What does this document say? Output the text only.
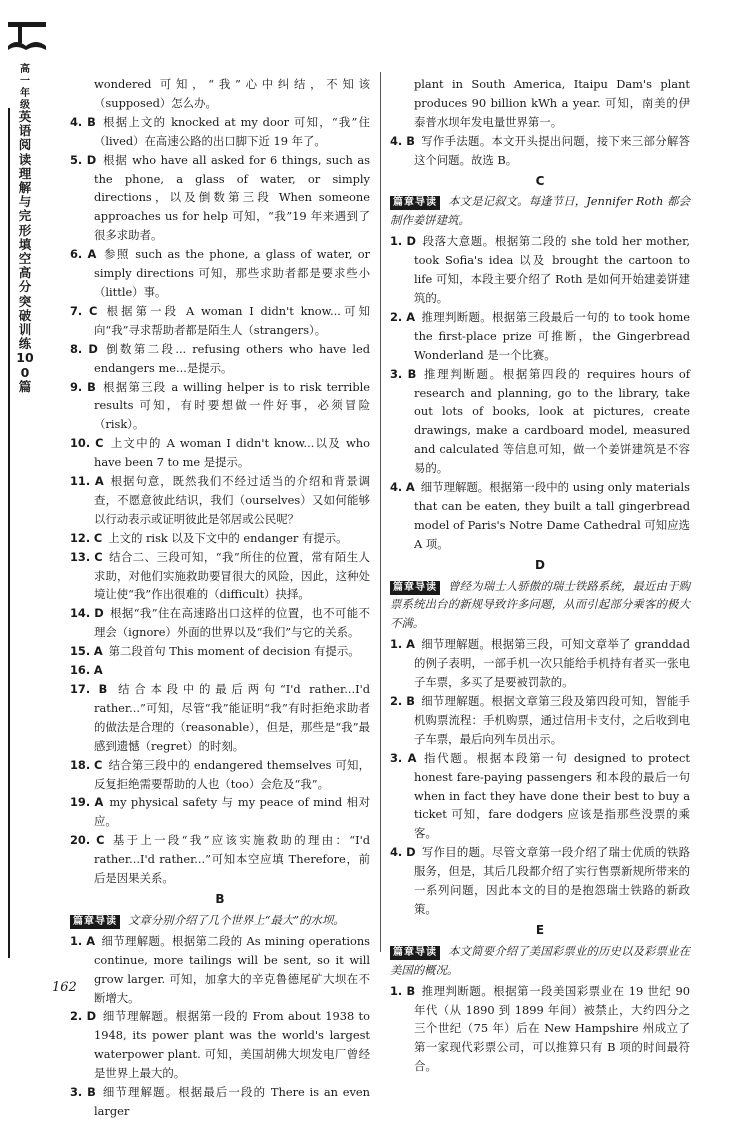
高一年级
英语阅读理解与完形填空高分突破训练100篇
wondered 可知，“我”心中纠结，不知该（supposed）怎么办。
4. B 根据上文的 knocked at my door 可知，“我”住（lived）在高速公路的出口脚下近 19 年了。
5. D 根据 who have all asked for 6 things, such as the phone, a glass of water, or simply directions，以及倒数第三段 When someone approaches us for help 可知，“我”19 年来遇到了很多求助者。
6. A 参照 such as the phone, a glass of water, or simply directions 可知，那些求助者都是要求些小（little）事。
7. C 根据第一段 A woman I didn't know...可知向“我”寻求帮助者都是陌生人（strangers）。
8. D 倒数第二段... refusing others who have led endangers me...是提示。
9. B 根据第三段 a willing helper is to risk terrible results 可知，有时要想做一件好事，必须冒险（risk）。
10. C 上文中的 A woman I didn't know...以及 who have been 7 to me 是提示。
11. A 根据句意，既然我们不经过适当的介绍和背景调查，不愿意彼此结识，我们（ourselves）又如何能够以行动表示或证明彼此是邻居或公民呢？
12. C 上文的 risk 以及下文中的 endanger 有提示。
13. C 结合二、三段可知，“我”所住的位置，常有陌生人求助，对他们实施救助要冒很大的风险，因此，这种处境让使“我”作出很难的（difficult）抉择。
14. D 根据“我”住在高速路出口这样的位置，也不可能不理会（ignore）外面的世界以及“我们”与它的关系。
15. A 第二段首句 This moment of decision 有提示。
16. A
17. B 结合本段中的最后两句“I'd rather...I'd rather...”可知，尽管“我”能证明“我”有时拒绝求助者的做法是合理的（reasonable），但是，那些是“我”最感到遗憾（regret）的时刻。
18. C 结合第三段中的 endangered themselves 可知，反复拒绝需要帮助的人也（too）会危及“我”。
19. A my physical safety 与 my peace of mind 相对应。
20. C 基于上一段“我”应该实施救助的理由：“I'd rather...I'd rather...”可知本空应填 Therefore，前后是因果关系。
B
篇章导读 文章分别介绍了几个世界上“最大”的水坝。
1. A 细节理解题。根据第二段的 As mining operations continue, more tailings will be sent, so it will grow larger. 可知，加拿大的辛克鲁德尾矿大坝在不断增大。
2. D 细节理解题。根据第一段的 From about 1938 to 1948, its power plant was the world's largest waterpower plant. 可知，美国胡佛大坝发电厂曾经是世界上最大的。
3. B 细节理解题。根据最后一段的 There is an even larger
plant in South America, Itaipu Dam's plant produces 90 billion kWh a year. 可知，南美的伊泰普水坝年发电量世界第一。
4. B 写作手法题。本文开头提出问题，接下来三部分解答这个问题。故选 B。
C
篇章导读 本文是记叙文。每逢节日，Jennifer Roth 都会制作姜饼建筑。
1. D 段落大意题。根据第二段的 she told her mother, took Sofia's idea 以及 brought the cartoon to life 可知，本段主要介绍了 Roth 是如何开始建姜饼建筑的。
2. A 推理判断题。根据第三段最后一句的 to took home the first-place prize 可推断，the Gingerbread Wonderland 是一个比赛。
3. B 推理判断题。根据第四段的 requires hours of research and planning, go to the library, take out lots of books, look at pictures, create drawings, make a cardboard model, measured and calculated 等信息可知，做一个姜饼建筑是不容易的。
4. A 细节理解题。根据第一段中的 using only materials that can be eaten, they built a tall gingerbread model of Paris's Notre Dame Cathedral 可知应选 A 项。
D
篇章导读 曾经为瑞士人骄傲的瑞士铁路系统，最近由于购票系统出台的新规导致许多问题，从而引起部分乘客的极大不满。
1. A 细节理解题。根据第三段，可知文章举了 granddad 的例子表明，一部手机一次只能给手机持有者买一张电子车票，多买了是要被罚款的。
2. B 细节理解题。根据文章第三段及第四段可知，智能手机购票流程：手机购票，通过信用卡支付，之后收到电子车票，最后向列车员出示。
3. A 指代题。根据本段第一句 designed to protect honest fare-paying passengers 和本段的最后一句 when in fact they have done their best to buy a ticket 可知，fare dodgers 应该是指那些没票的乘客。
4. D 写作目的题。尽管文章第一段介绍了瑞士优质的铁路服务，但是，其后几段都介绍了实行售票新规所带来的一系列问题，因此本文的目的是抱怨瑞士铁路的新政策。
E
篇章导读 本文简要介绍了美国彩票业的历史以及彩票业在美国的概况。
1. B 推理判断题。根据第一段美国彩票业在 19 世纪 90 年代（从 1890 到 1899 年间）被禁止，大约四分之三个世纪（75 年）后在 New Hampshire 州成立了第一家现代彩票公司，可以推算只有 B 项的时间最符合。
162
